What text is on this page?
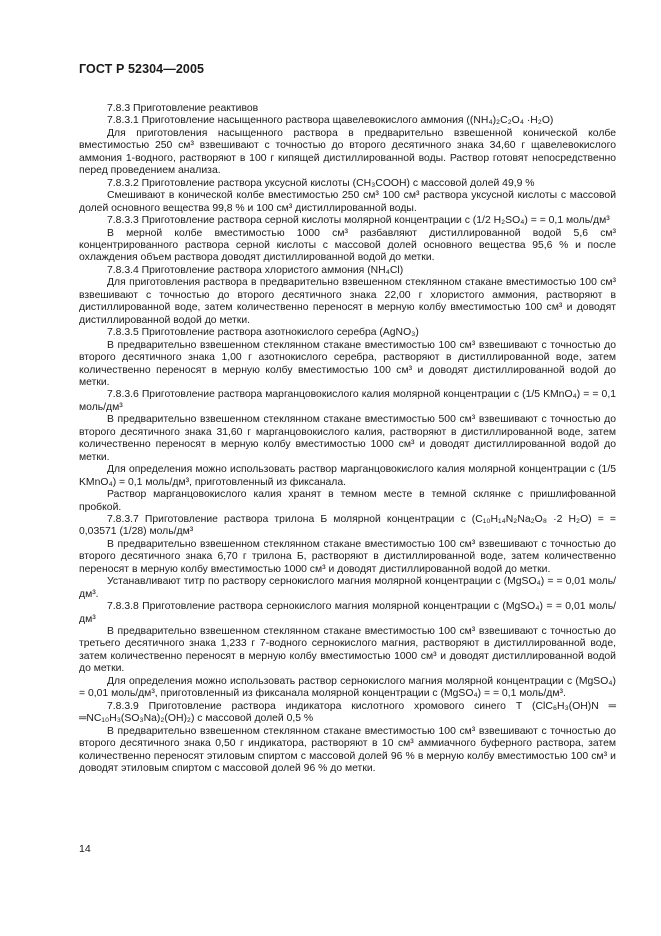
ГОСТ Р 52304—2005

7.8.3 Приготовление реактивов

7.8.3.1 Приготовление насыщенного раствора щавелевокислого аммония ((NH₄)₂C₂O₄ ·H₂O)

Для приготовления насыщенного раствора в предварительно взвешенной конической колбе вместимостью 250 см³ взвешивают с точностью до второго десятичного знака 34,60 г щавелевокислого аммония 1-водного, растворяют в 100 г кипящей дистиллированной воды. Раствор готовят непосредственно перед проведением анализа.

7.8.3.2 Приготовление раствора уксусной кислоты (CH₃COOH) с массовой долей 49,9 %

Смешивают в конической колбе вместимостью 250 см³ 100 см³ раствора уксусной кислоты с массовой долей основного вещества 99,8 % и 100 см³ дистиллированной воды.

7.8.3.3 Приготовление раствора серной кислоты молярной концентрации c (1/2 H₂SO₄) = = 0,1 моль/дм³

В мерной колбе вместимостью 1000 см³ разбавляют дистиллированной водой 5,6 см³ концентрированного раствора серной кислоты с массовой долей основного вещества 95,6 % и после охлаждения объем раствора доводят дистиллированной водой до метки.

7.8.3.4 Приготовление раствора хлористого аммония (NH₄Cl)

Для приготовления раствора в предварительно взвешенном стеклянном стакане вместимостью 100 см³ взвешивают с точностью до второго десятичного знака 22,00 г хлористого аммония, растворяют в дистиллированной воде, затем количественно переносят в мерную колбу вместимостью 100 см³ и доводят дистиллированной водой до метки.

7.8.3.5 Приготовление раствора азотнокислого серебра (AgNO₃)

В предварительно взвешенном стеклянном стакане вместимостью 100 см³ взвешивают с точностью до второго десятичного знака 1,00 г азотнокислого серебра, растворяют в дистиллированной воде, затем количественно переносят в мерную колбу вместимостью 100 см³ и доводят дистиллированной водой до метки.

7.8.3.6 Приготовление раствора марганцовокислого калия молярной концентрации c (1/5 KMnO₄) = = 0,1 моль/дм³

В предварительно взвешенном стеклянном стакане вместимостью 500 см³ взвешивают с точностью до второго десятичного знака 31,60 г марганцовокислого калия, растворяют в дистиллированной воде, затем количественно переносят в мерную колбу вместимостью 1000 см³ и доводят дистиллированной водой до метки.

Для определения можно использовать раствор марганцовокислого калия молярной концентрации c (1/5 KMnO₄) = 0,1 моль/дм³, приготовленный из фиксанала.

Раствор марганцовокислого калия хранят в темном месте в темной склянке с пришлифованной пробкой.

7.8.3.7 Приготовление раствора трилона Б молярной концентрации c (C₁₀H₁₄N₂Na₂O₈ ·2 H₂O) = = 0,03571 (1/28) моль/дм³

В предварительно взвешенном стеклянном стакане вместимостью 100 см³ взвешивают с точностью до второго десятичного знака 6,70 г трилона Б, растворяют в дистиллированной воде, затем количественно переносят в мерную колбу вместимостью 1000 см³ и доводят дистиллированной водой до метки.

Устанавливают титр по раствору сернокислого магния молярной концентрации c (MgSO₄) = = 0,01 моль/дм³.

7.8.3.8 Приготовление раствора сернокислого магния молярной концентрации c (MgSO₄) = = 0,01 моль/дм³

В предварительно взвешенном стеклянном стакане вместимостью 100 см³ взвешивают с точностью до третьего десятичного знака 1,233 г 7-водного сернокислого магния, растворяют в дистиллированной воде, затем количественно переносят в мерную колбу вместимостью 1000 см³ и доводят дистиллированной водой до метки.

Для определения можно использовать раствор сернокислого магния молярной концентрации c (MgSO₄) = 0,01 моль/дм³, приготовленный из фиксанала молярной концентрации c (MgSO₄) = = 0,1 моль/дм³.

7.8.3.9 Приготовление раствора индикатора кислотного хромового синего Т (ClC₆H₃(OH)N ═ ═NC₁₀H₃(SO₃Na)₂(OH)₂) с массовой долей 0,5 %

В предварительно взвешенном стеклянном стакане вместимостью 100 см³ взвешивают с точностью до второго десятичного знака 0,50 г индикатора, растворяют в 10 см³ аммиачного буферного раствора, затем количественно переносят этиловым спиртом с массовой долей 96 % в мерную колбу вместимостью 100 см³ и доводят этиловым спиртом с массовой долей 96 % до метки.

14
